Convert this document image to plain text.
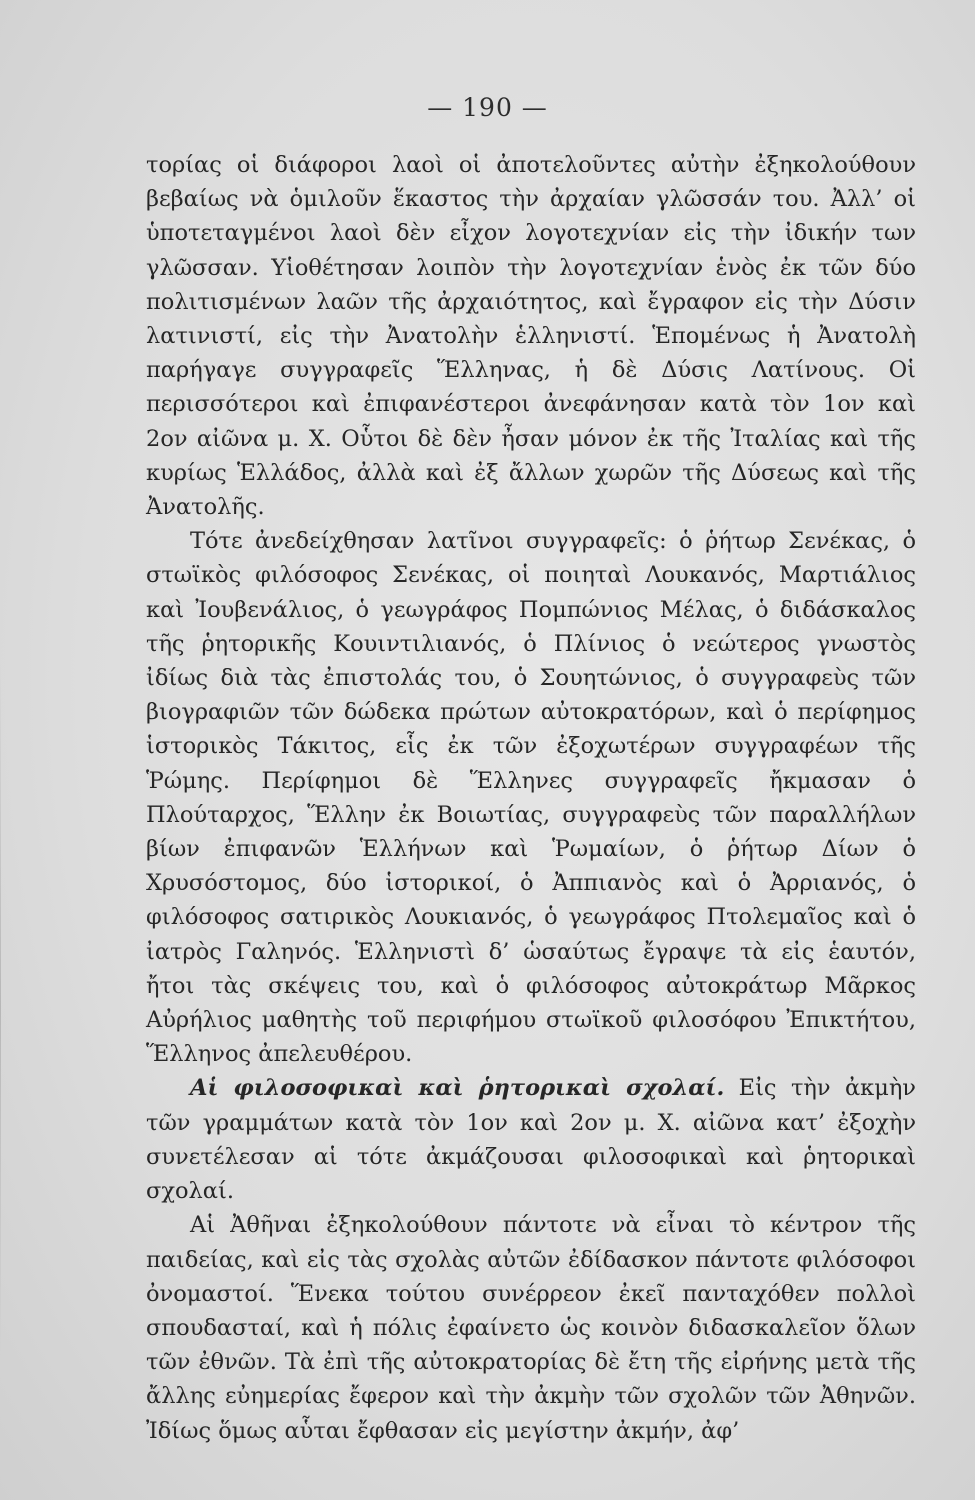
— 190 —

τορίας οἱ διάφοροι λαοὶ οἱ ἀποτελοῦντες αὐτὴν ἐξηκολούθουν βεβαίως νὰ ὁμιλοῦν ἕκαστος τὴν ἀρχαίαν γλῶσσάν του. Ἀλλ’ οἱ ὑποτεταγμένοι λαοὶ δὲν εἶχον λογοτεχνίαν εἰς τὴν ἰδικήν των γλῶσσαν. Υἱοθέτησαν λοιπὸν τὴν λογοτεχνίαν ἑνὸς ἐκ τῶν δύο πολιτισμένων λαῶν τῆς ἀρχαιότητος, καὶ ἔγραφον εἰς τὴν Δύσιν λατινιστί, εἰς τὴν Ἀνατολὴν ἑλληνιστί. Ἑπομένως ἡ Ἀνατολὴ παρήγαγε συγγραφεῖς Ἕλληνας, ἡ δὲ Δύσις Λατίνους. Οἱ περισσότεροι καὶ ἐπιφανέστεροι ἀνεφάνησαν κατὰ τὸν 1ον καὶ 2ον αἰῶνα μ. Χ. Οὗτοι δὲ δὲν ἦσαν μόνον ἐκ τῆς Ἰταλίας καὶ τῆς κυρίως Ἑλλάδος, ἀλλὰ καὶ ἐξ ἄλλων χωρῶν τῆς Δύσεως καὶ τῆς Ἀνατολῆς.

Τότε ἀνεδείχθησαν λατῖνοι συγγραφεῖς: ὁ ῥήτωρ Σενέκας, ὁ στωϊκὸς φιλόσοφος Σενέκας, οἱ ποιηταὶ Λουκανός, Μαρτιάλιος καὶ Ἰουβενάλιος, ὁ γεωγράφος Πομπώνιος Μέλας, ὁ διδάσκαλος τῆς ῥητορικῆς Κουιντιλιανός, ὁ Πλίνιος ὁ νεώτερος γνωστὸς ἰδίως διὰ τὰς ἐπιστολάς του, ὁ Σουητώνιος, ὁ συγγραφεὺς τῶν βιογραφιῶν τῶν δώδεκα πρώτων αὐτοκρατόρων, καὶ ὁ περίφημος ἱστορικὸς Τάκιτος, εἷς ἐκ τῶν ἐξοχωτέρων συγγραφέων τῆς Ῥώμης. Περίφημοι δὲ Ἕλληνες συγγραφεῖς ἤκμασαν ὁ Πλούταρχος, Ἕλλην ἐκ Βοιωτίας, συγγραφεὺς τῶν παραλλήλων βίων ἐπιφανῶν Ἑλλήνων καὶ Ῥωμαίων, ὁ ῥήτωρ Δίων ὁ Χρυσόστομος, δύο ἱστορικοί, ὁ Ἀππιανὸς καὶ ὁ Ἀρριανός, ὁ φιλόσοφος σατιρικὸς Λουκιανός, ὁ γεωγράφος Πτολεμαῖος καὶ ὁ ἰατρὸς Γαληνός. Ἑλληνιστὶ δ’ ὡσαύτως ἔγραψε τὰ εἰς ἑαυτόν, ἤτοι τὰς σκέψεις του, καὶ ὁ φιλόσοφος αὐτοκράτωρ Μᾶρκος Αὐρήλιος μαθητὴς τοῦ περιφήμου στωϊκοῦ φιλοσόφου Ἐπικτήτου, Ἕλληνος ἀπελευθέρου.

Αἱ φιλοσοφικαὶ καὶ ῥητορικαὶ σχολαί. Εἰς τὴν ἀκμὴν τῶν γραμμάτων κατὰ τὸν 1ον καὶ 2ον μ. Χ. αἰῶνα κατ’ ἐξοχὴν συνετέλεσαν αἱ τότε ἀκμάζουσαι φιλοσοφικαὶ καὶ ῥητορικαὶ σχολαί.

Αἱ Ἀθῆναι ἐξηκολούθουν πάντοτε νὰ εἶναι τὸ κέντρον τῆς παιδείας, καὶ εἰς τὰς σχολὰς αὐτῶν ἐδίδασκον πάντοτε φιλόσοφοι ὀνομαστοί. Ἕνεκα τούτου συνέρρεον ἐκεῖ πανταχόθεν πολλοὶ σπουδασταί, καὶ ἡ πόλις ἐφαίνετο ὡς κοινὸν διδασκαλεῖον ὅλων τῶν ἐθνῶν. Τὰ ἐπὶ τῆς αὐτοκρατορίας δὲ ἔτη τῆς εἰρήνης μετὰ τῆς ἄλλης εὐημερίας ἔφερον καὶ τὴν ἀκμὴν τῶν σχολῶν τῶν Ἀθηνῶν. Ἰδίως ὅμως αὗται ἔφθασαν εἰς μεγίστην ἀκμήν, ἀφ’
